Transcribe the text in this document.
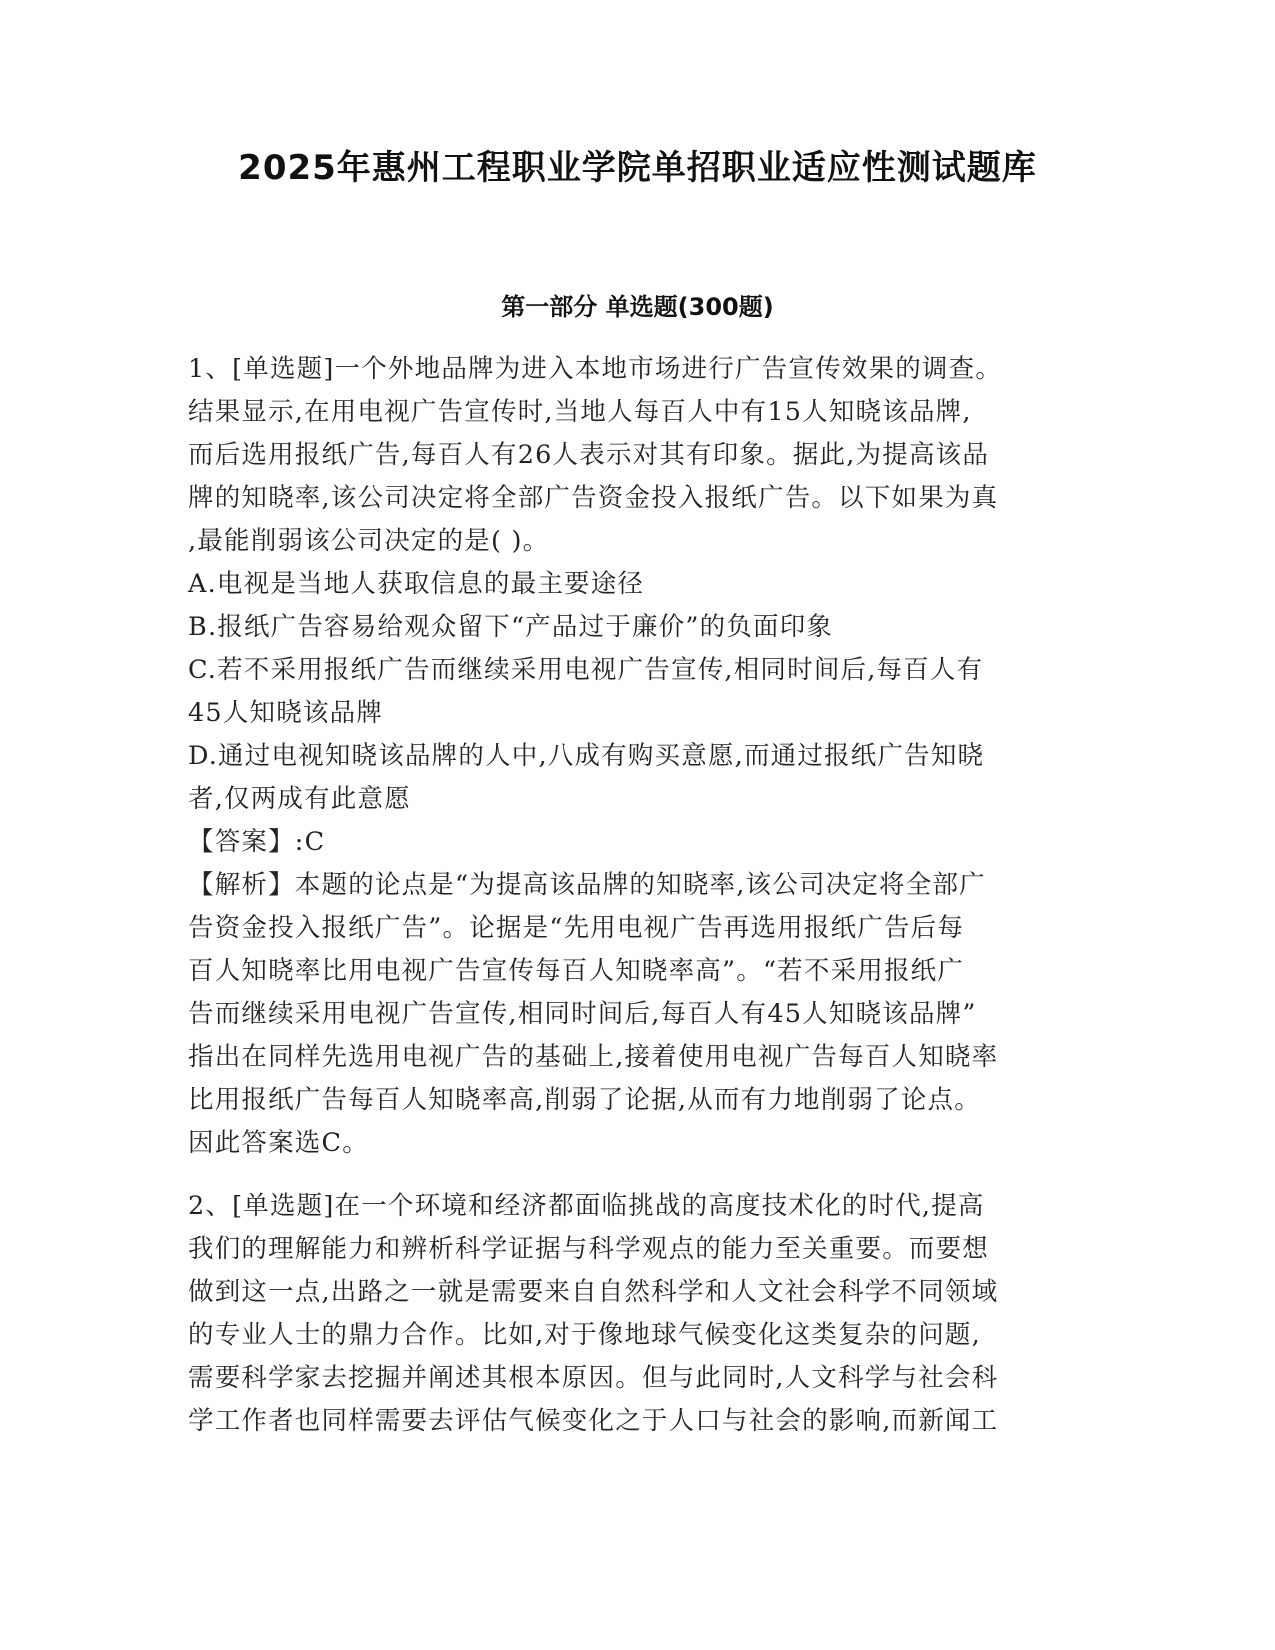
2025年惠州工程职业学院单招职业适应性测试题库
第一部分 单选题(300题)

1、[单选题]一个外地品牌为进入本地市场进行广告宣传效果的调查。

结果显示,在用电视广告宣传时,当地人每百人中有15人知晓该品牌,

而后选用报纸广告,每百人有26人表示对其有印象。据此,为提高该品

牌的知晓率,该公司决定将全部广告资金投入报纸广告。以下如果为真

,最能削弱该公司决定的是( )。

A.电视是当地人获取信息的最主要途径

B.报纸广告容易给观众留下“产品过于廉价”的负面印象

C.若不采用报纸广告而继续采用电视广告宣传,相同时间后,每百人有

45人知晓该品牌

D.通过电视知晓该品牌的人中,八成有购买意愿,而通过报纸广告知晓

者,仅两成有此意愿

【答案】:C

【解析】本题的论点是“为提高该品牌的知晓率,该公司决定将全部广

告资金投入报纸广告”。论据是“先用电视广告再选用报纸广告后每

百人知晓率比用电视广告宣传每百人知晓率高”。“若不采用报纸广

告而继续采用电视广告宣传,相同时间后,每百人有45人知晓该品牌”

指出在同样先选用电视广告的基础上,接着使用电视广告每百人知晓率

比用报纸广告每百人知晓率高,削弱了论据,从而有力地削弱了论点。

因此答案选C。

2、[单选题]在一个环境和经济都面临挑战的高度技术化的时代,提高

我们的理解能力和辨析科学证据与科学观点的能力至关重要。而要想

做到这一点,出路之一就是需要来自自然科学和人文社会科学不同领域

的专业人士的鼎力合作。比如,对于像地球气候变化这类复杂的问题,

需要科学家去挖掘并阐述其根本原因。但与此同时,人文科学与社会科

学工作者也同样需要去评估气候变化之于人口与社会的影响,而新闻工
